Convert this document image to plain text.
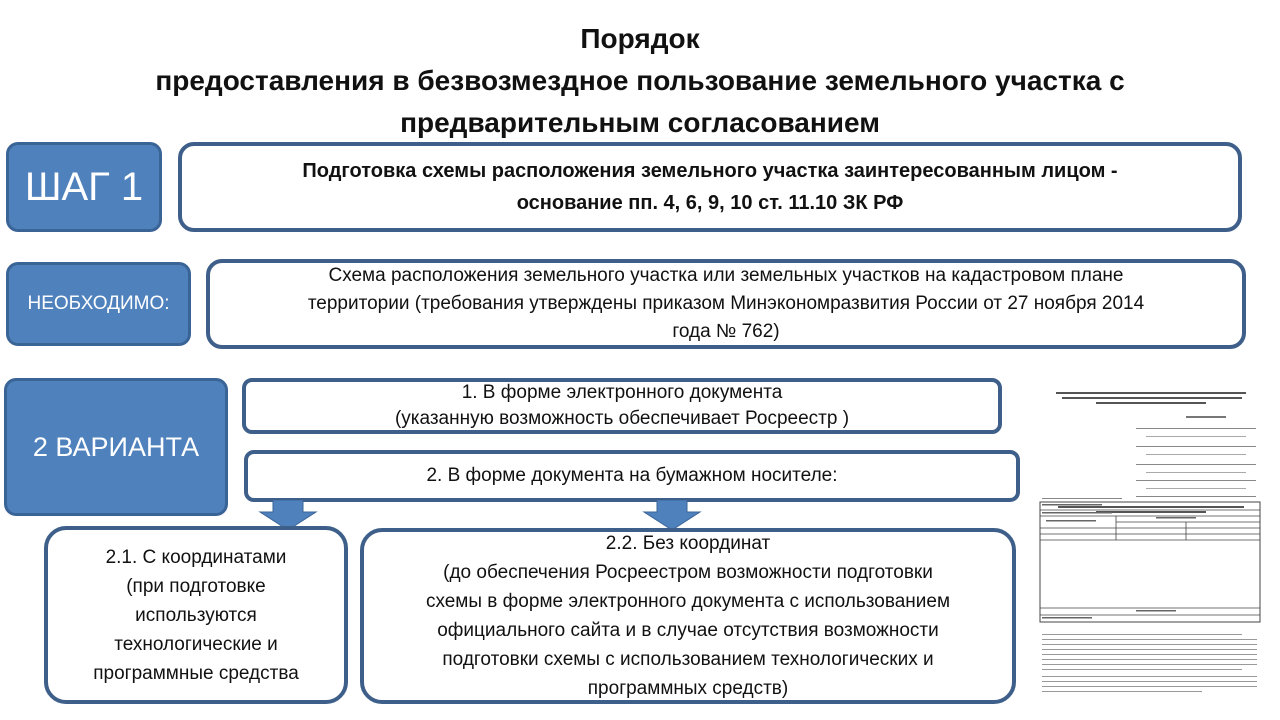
Порядок
предоставления в безвозмездное пользование земельного участка с
предварительным согласованием
ШАГ 1	Подготовка схемы расположения земельного участка заинтересованным лицом -
основание пп. 4, 6, 9, 10 ст. 11.10 ЗК РФ
НЕОБХОДИМО:
Схема расположения земельного участка или земельных участков на кадастровом плане
территории (требования утверждены приказом Минэкономразвития России от 27 ноября 2014
года № 762)
2 ВАРИАНТА
1. В форме электронного документа
(указанную возможность обеспечивает Росреестр )
2. В форме документа на бумажном носителе:
2.1. С координатами
(при подготовке
используются
технологические и
программные средства
2.2. Без координат
(до обеспечения Росреестром возможности подготовки
схемы в форме электронного документа с использованием
официального сайта и в случае отсутствия возможности
подготовки схемы с использованием технологических и
программных средств)
